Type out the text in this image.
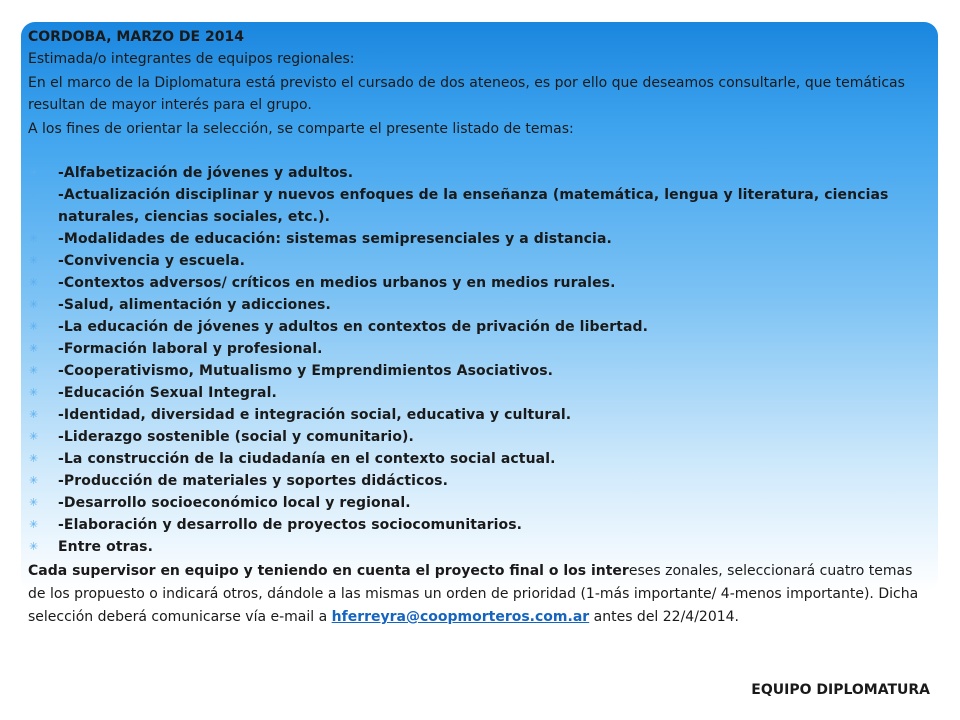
CORDOBA, MARZO DE 2014

Estimada/o integrantes de equipos regionales:

En el marco de la Diplomatura está previsto el cursado de dos ateneos, es por ello que deseamos consultarle, que temáticas resultan de mayor interés para el grupo.

A los fines de orientar la selección, se comparte el presente listado de temas:

✳ -Alfabetización de jóvenes y adultos.
✳ -Actualización disciplinar y nuevos enfoques de la enseñanza (matemática, lengua y literatura, ciencias naturales, ciencias sociales, etc.).
✳ -Modalidades de educación: sistemas semipresenciales y a distancia.
✳ -Convivencia y escuela.
✳ -Contextos adversos/ críticos en medios urbanos y en medios rurales.
✳ -Salud, alimentación y adicciones.
✳ -La educación de jóvenes y adultos en contextos de privación de libertad.
✳ -Formación laboral y profesional.
✳ -Cooperativismo, Mutualismo y Emprendimientos Asociativos.
✳ -Educación Sexual Integral.
✳ -Identidad, diversidad e integración social, educativa y cultural.
✳ -Liderazgo sostenible (social y comunitario).
✳ -La construcción de la ciudadanía en el contexto social actual.
✳ -Producción de materiales y soportes didácticos.
✳ -Desarrollo socioeconómico local y regional.
✳ -Elaboración y desarrollo de proyectos sociocomunitarios.
✳ Entre otras.

Cada supervisor en equipo y teniendo en cuenta el proyecto final o los intereses zonales, seleccionará cuatro temas de los propuesto o indicará otros, dándole a las mismas un orden de prioridad (1-más importante/ 4-menos importante). Dicha selección deberá comunicarse vía e-mail a hferreyra@coopmorteros.com.ar antes del 22/4/2014.

EQUIPO DIPLOMATURA
